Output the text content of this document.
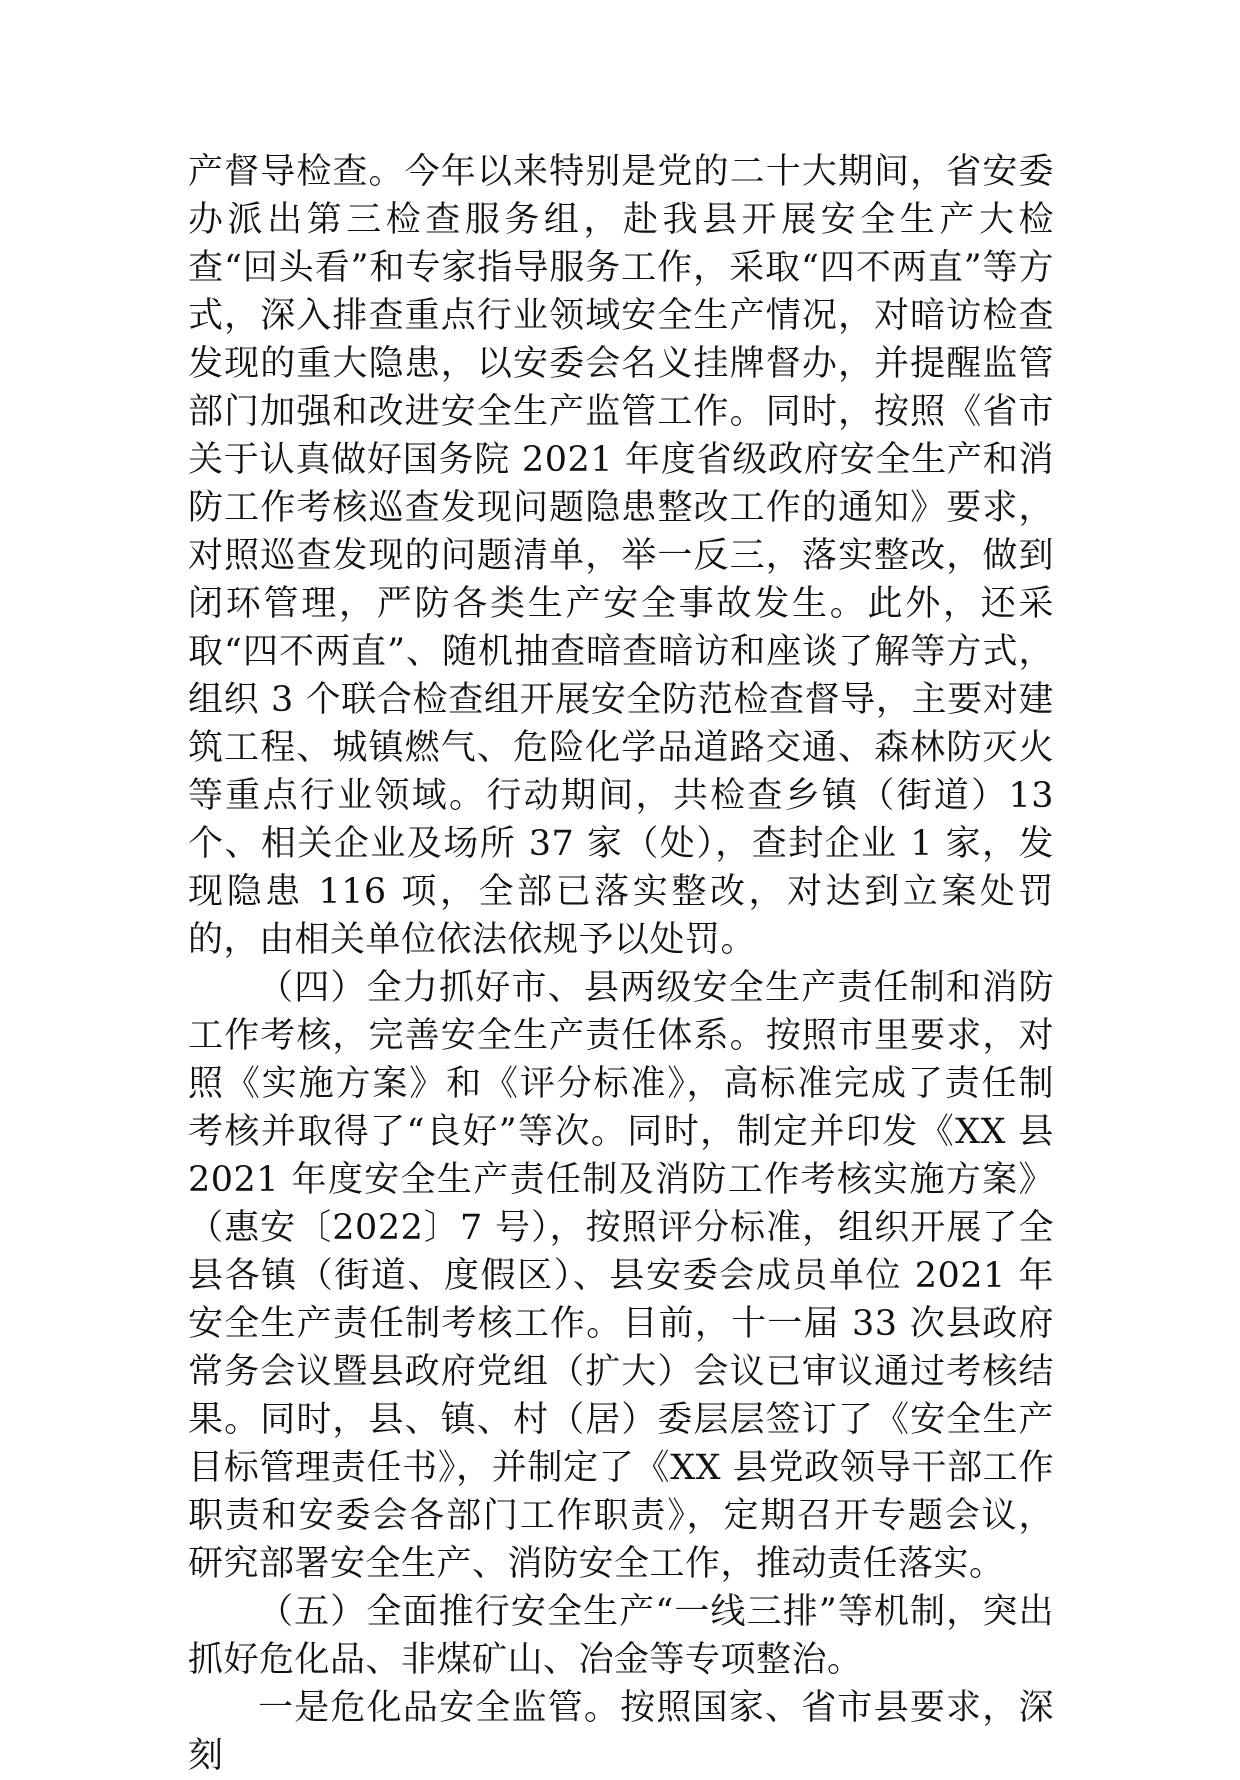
产督导检查。今年以来特别是党的二十大期间，省安委办派出第三检查服务组，赴我县开展安全生产大检查“回头看”和专家指导服务工作，采取“四不两直”等方式，深入排查重点行业领域安全生产情况，对暗访检查发现的重大隐患，以安委会名义挂牌督办，并提醒监管部门加强和改进安全生产监管工作。同时，按照《省市关于认真做好国务院 2021 年度省级政府安全生产和消防工作考核巡查发现问题隐患整改工作的通知》要求，对照巡查发现的问题清单，举一反三，落实整改，做到闭环管理，严防各类生产安全事故发生。此外，还采取“四不两直”、随机抽查暗查暗访和座谈了解等方式，组织 3 个联合检查组开展安全防范检查督导，主要对建筑工程、城镇燃气、危险化学品道路交通、森林防灭火等重点行业领域。行动期间，共检查乡镇（街道）13 个、相关企业及场所 37 家（处），查封企业 1 家，发现隐患 116 项，全部已落实整改，对达到立案处罚的，由相关单位依法依规予以处罚。

（四）全力抓好市、县两级安全生产责任制和消防工作考核，完善安全生产责任体系。按照市里要求，对照《实施方案》和《评分标准》，高标准完成了责任制考核并取得了“良好”等次。同时，制定并印发《XX 县 2021 年度安全生产责任制及消防工作考核实施方案》（惠安〔2022〕7 号），按照评分标准，组织开展了全县各镇（街道、度假区）、县安委会成员单位 2021 年安全生产责任制考核工作。目前，十一届 33 次县政府常务会议暨县政府党组（扩大）会议已审议通过考核结果。同时，县、镇、村（居）委层层签订了《安全生产目标管理责任书》，并制定了《XX 县党政领导干部工作职责和安委会各部门工作职责》，定期召开专题会议，研究部署安全生产、消防安全工作，推动责任落实。

（五）全面推行安全生产“一线三排”等机制，突出抓好危化品、非煤矿山、冶金等专项整治。

一是危化品安全监管。按照国家、省市县要求，深刻
